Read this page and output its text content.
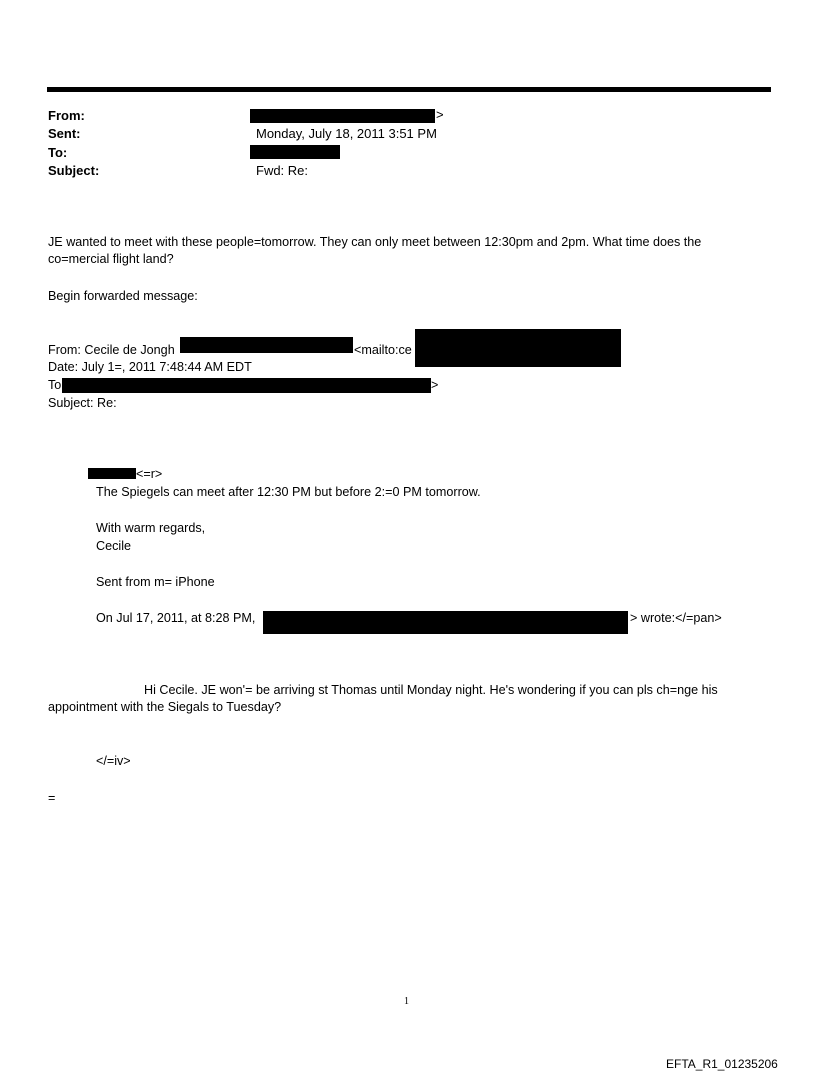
From:	>
Sent:	Monday, July 18, 2011 3:51 PM
To:
Subject:	Fwd: Re:
JE wanted to meet with these people=tomorrow. They can only meet between 12:30pm and 2pm. What time does the co=mercial flight land?
Begin forwarded message:
From: Cecile de Jongh	<mailto:ce
Date: July 1=, 2011 7:48:44 AM EDT
To	>
Subject: Re:
<=r>
The Spiegels can meet after 12:30 PM but before 2:=0 PM tomorrow.
With warm regards,
Cecile
Sent from m= iPhone
On Jul 17, 2011, at 8:28 PM,	> wrote:</=pan>
Hi Cecile. JE won'= be arriving st Thomas until Monday night. He's wondering if you can pls ch=nge his appointment with the Siegals to Tuesday?
</=iv>
=
1
EFTA_R1_01235206
